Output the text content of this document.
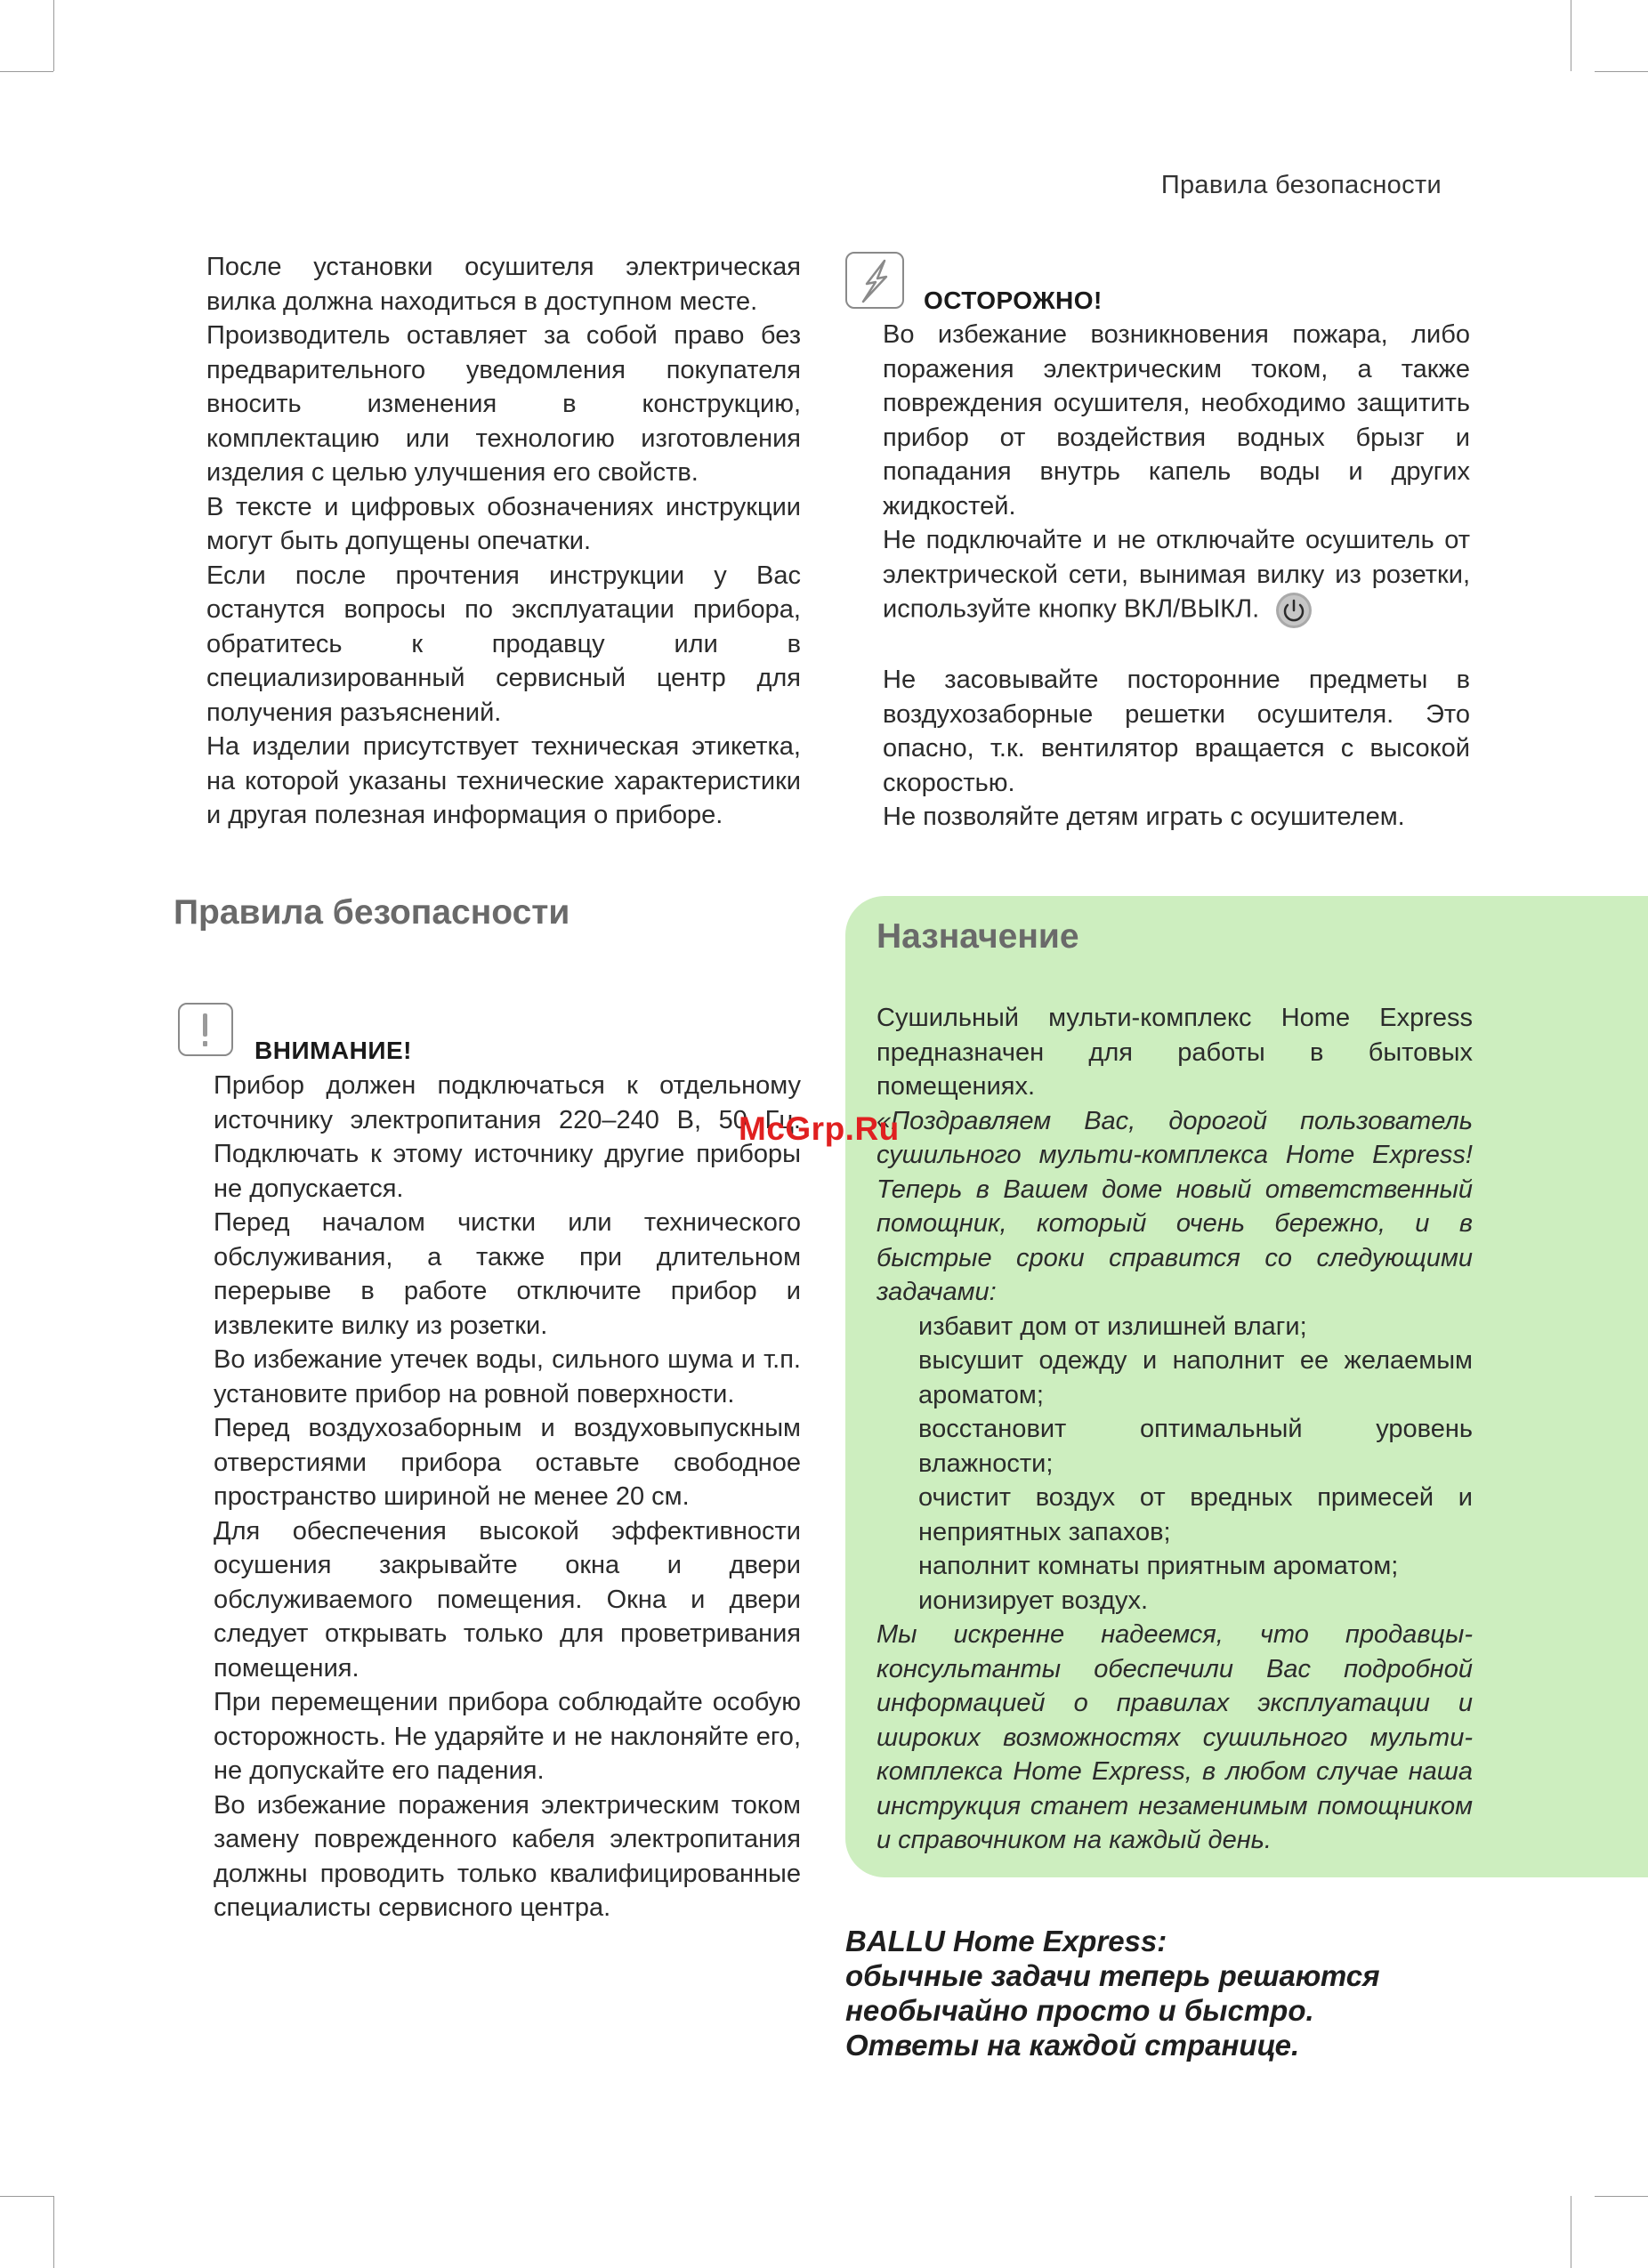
Правила безопасности

После установки осушителя электрическая вилка должна находиться в доступном месте.

Производитель оставляет за собой право без предварительного уведомления покупателя вносить изменения в конструкцию, комплектацию или технологию изготовления изделия с целью улучшения его свойств.

В тексте и цифровых обозначениях инструкции могут быть допущены опечатки.

Если после прочтения инструкции у Вас останутся вопросы по эксплуатации прибора, обратитесь к продавцу или в специализированный сервисный центр для получения разъяснений.

На изделии присутствует техническая этикетка, на которой указаны технические характеристики и другая полезная информация о приборе.

Правила безопасности
ВНИМАНИЕ!

Прибор должен подключаться к отдельному источнику электропитания 220–240 В, 50 Гц. Подключать к этому источнику другие приборы не допускается.

Перед началом чистки или технического обслуживания, а также при длительном перерыве в работе отключите прибор и извлеките вилку из розетки.

Во избежание утечек воды, сильного шума и т.п. установите прибор на ровной поверхности.

Перед воздухозаборным и воздуховыпускным отверстиями прибора оставьте свободное пространство шириной не менее 20 см.

Для обеспечения высокой эффективности осушения закрывайте окна и двери обслуживаемого помещения. Окна и двери следует открывать только для проветривания помещения.

При перемещении прибора соблюдайте особую осторожность. Не ударяйте и не наклоняйте его, не допускайте его падения.

Во избежание поражения электрическим током замену поврежденного кабеля электропитания должны проводить только квалифицированные специалисты сервисного центра.

ОСТОРОЖНО!

Во избежание возникновения пожара, либо поражения электрическим током, а также повреждения осушителя, необходимо защитить прибор от воздействия водных брызг и попадания внутрь капель воды и других жидкостей.

Не подключайте и не отключайте осушитель от электрической сети, вынимая вилку из розетки, используйте кнопку ВКЛ/ВЫКЛ.

Не засовывайте посторонние предметы в воздухозаборные решетки осушителя. Это опасно, т.к. вентилятор вращается с высокой скоростью.

Не позволяйте детям играть с осушителем.

Назначение

Сушильный мульти-комплекс Home Express предназначен для работы в бытовых помещениях.

«Поздравляем Вас, дорогой пользователь сушильного мульти-комплекса Home Express! Теперь в Вашем доме новый ответственный помощник, который очень бережно, и в быстрые сроки справится со следующими задачами:

избавит дом от излишней влаги;
высушит одежду и наполнит ее желаемым ароматом;
восстановит оптимальный уровень влажности;
очистит воздух от вредных примесей и неприятных запахов;
наполнит комнаты приятным ароматом;
ионизирует воздух.

Мы искренне надеемся, что продавцы-консультанты обеспечили Вас подробной информацией о правилах эксплуатации и широких возможностях сушильного мульти-комплекса Home Express, в любом случае наша инструкция станет незаменимым помощником и справочником на каждый день.

BALLU Home Express:
обычные задачи теперь решаются
необычайно просто и быстро.
Ответы на каждой странице.
McGrp.Ru
